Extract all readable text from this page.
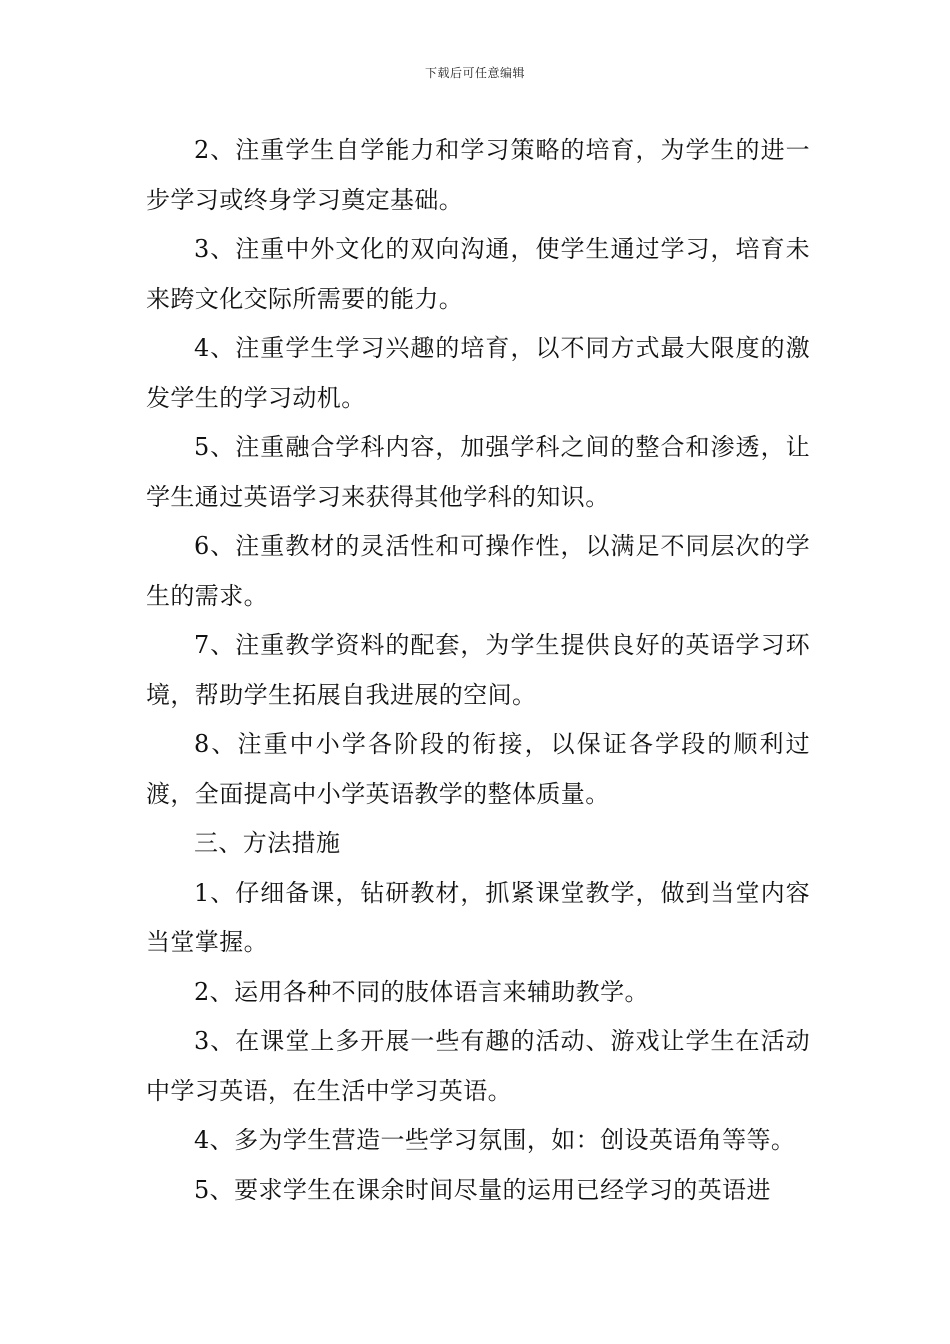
下载后可任意编辑

2、注重学生自学能力和学习策略的培育，为学生的进一步学习或终身学习奠定基础。

3、注重中外文化的双向沟通，使学生通过学习，培育未来跨文化交际所需要的能力。

4、注重学生学习兴趣的培育，以不同方式最大限度的激发学生的学习动机。

5、注重融合学科内容，加强学科之间的整合和渗透，让学生通过英语学习来获得其他学科的知识。

6、注重教材的灵活性和可操作性，以满足不同层次的学生的需求。

7、注重教学资料的配套，为学生提供良好的英语学习环境，帮助学生拓展自我进展的空间。

8、注重中小学各阶段的衔接，以保证各学段的顺利过渡，全面提高中小学英语教学的整体质量。

三、方法措施

1、仔细备课，钻研教材，抓紧课堂教学，做到当堂内容当堂掌握。

2、运用各种不同的肢体语言来辅助教学。

3、在课堂上多开展一些有趣的活动、游戏让学生在活动中学习英语，在生活中学习英语。

4、多为学生营造一些学习氛围，如：创设英语角等等。

5、要求学生在课余时间尽量的运用已经学习的英语进
